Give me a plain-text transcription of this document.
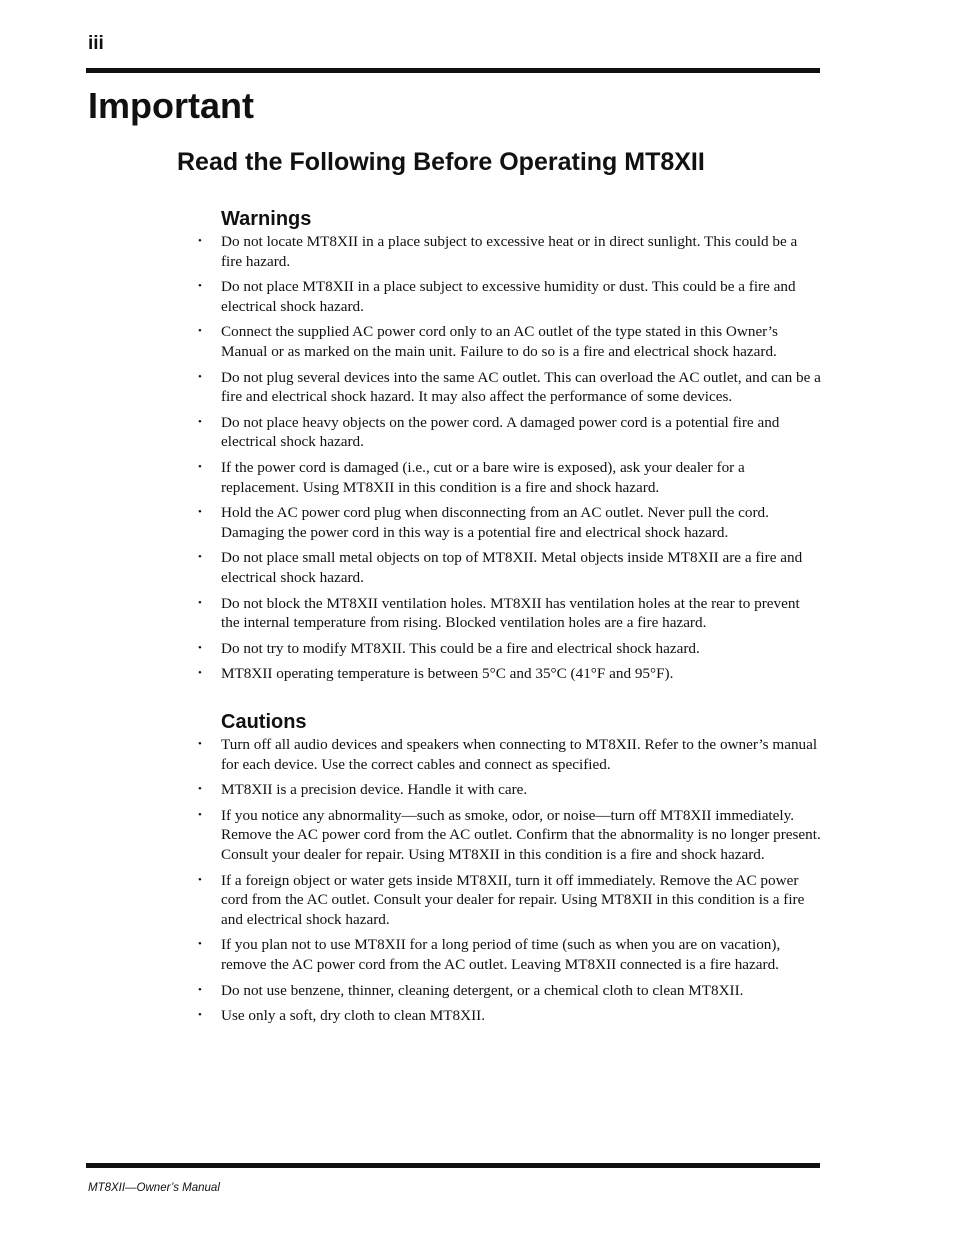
iii
Important
Read the Following Before Operating MT8XII
Warnings
• Do not locate MT8XII in a place subject to excessive heat or in direct sunlight. This could be a fire hazard.
• Do not place MT8XII in a place subject to excessive humidity or dust. This could be a fire and electrical shock hazard.
• Connect the supplied AC power cord only to an AC outlet of the type stated in this Owner’s Manual or as marked on the main unit. Failure to do so is a fire and electrical shock hazard.
• Do not plug several devices into the same AC outlet. This can overload the AC outlet, and can be a fire and electrical shock hazard. It may also affect the performance of some devices.
• Do not place heavy objects on the power cord. A damaged power cord is a potential fire and electrical shock hazard.
• If the power cord is damaged (i.e., cut or a bare wire is exposed), ask your dealer for a replacement. Using MT8XII in this condition is a fire and shock hazard.
• Hold the AC power cord plug when disconnecting from an AC outlet. Never pull the cord. Damaging the power cord in this way is a potential fire and electrical shock hazard.
• Do not place small metal objects on top of MT8XII. Metal objects inside MT8XII are a fire and electrical shock hazard.
• Do not block the MT8XII ventilation holes. MT8XII has ventilation holes at the rear to prevent the internal temperature from rising. Blocked ventilation holes are a fire hazard.
• Do not try to modify MT8XII. This could be a fire and electrical shock hazard.
• MT8XII operating temperature is between 5°C and 35°C (41°F and 95°F).
Cautions
• Turn off all audio devices and speakers when connecting to MT8XII. Refer to the owner’s manual for each device. Use the correct cables and connect as specified.
• MT8XII is a precision device. Handle it with care.
• If you notice any abnormality—such as smoke, odor, or noise—turn off MT8XII immediately. Remove the AC power cord from the AC outlet. Confirm that the abnormality is no longer present. Consult your dealer for repair. Using MT8XII in this condition is a fire and shock hazard.
• If a foreign object or water gets inside MT8XII, turn it off immediately. Remove the AC power cord from the AC outlet. Consult your dealer for repair. Using MT8XII in this condition is a fire and electrical shock hazard.
• If you plan not to use MT8XII for a long period of time (such as when you are on vacation), remove the AC power cord from the AC outlet. Leaving MT8XII connected is a fire hazard.
• Do not use benzene, thinner, cleaning detergent, or a chemical cloth to clean MT8XII.
• Use only a soft, dry cloth to clean MT8XII.
MT8XII—Owner’s Manual
